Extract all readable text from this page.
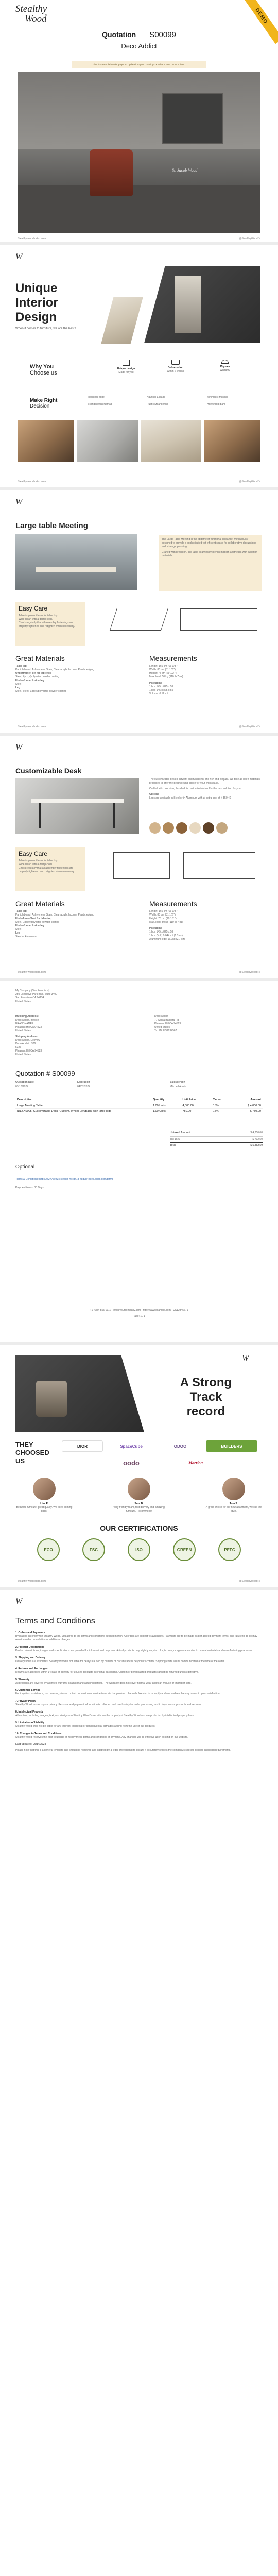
Stealthy
Wood	DEMO
Quotation S00099
Deco Addict
This is a sample header page, so update it to go to: Settings > Sales > PDF quote builder.
St. Jacob Wood
Stealthy-wood.odoo.com	@StealthyWood 𝕏
W
Unique
Interior
Design
When it comes to furniture, we are the best !
Why You
Choose us
Unique design
Made for you
Delivered on
within 2 weeks
15 years
Warranty
Make Right
Decision
Industrial edge	Nautical Escape	Minimalist Musing
Scandinavian Nomad	Rustic Meandering	Hollywood glam
Stealthy-wood.odoo.com	@StealthyWood 𝕏
W
Large table Meeting

The Large Table Meeting is the epitome of functional elegance, meticulously designed to provide a sophisticated yet efficient space for collaborative discussions and strategic planning.

Crafted with precision, this table seamlessly blends modern aesthetics with superior materials.

Easy Care
Table improved/Items for table top
Wipe clean with a damp cloth.
Check regularly that all assembly fastenings are properly tightened and retighten when necessary.
Great Materials
Table top
Particleboard, Ash veneer, Stain, Clear acrylic lacquer, Plastic edging
Underframe/Feet for table top
Steel, Epoxy/polyester powder coating
Under-frame/ Inside leg
Steel
Leg
Steel, Steel, Epoxy/polyester powder coating
Measurements
Length: 160 cm (63 1/8 ")
Width: 80 cm (31 1/2 ")
Height: 75 cm (29 1/2 ")
Max. load: 50 kg (110 lb 7 oz)
Packaging
1 box 145 x 825 x 59
1 box 145 x 825 x 59
Volume: 0.12 m³
Stealthy-wood.odoo.com	@StealthyWood 𝕏
W
Customizable Desk

The customizable desk is artwork and functional and rich and elegant. We take as been materials produced to offer the best working space for your workspace.

Crafted with precision, this desk is customizable to offer the best solution for you.

Options
Legs are available in Steel or in Aluminum with at extra cost of + $50.40
Easy Care
Table improved/Items for table top
Wipe clean with a damp cloth.
Check regularly that all assembly fastenings are properly tightened and retighten when necessary.
Great Materials
Table top
Particleboard, Ash veneer, Stain, Clear acrylic lacquer, Plastic edging
Underframe/Feet for table top
Steel, Epoxy/polyester powder coating
Under-frame/ Inside leg
Steel
Leg
Steel or Aluminum
Measurements
Length: 160 cm (63 1/8 ")
Width: 80 cm (31 1/2 ")
Height: 75 cm (29 1/2 ")
Max. load: 50 kg (110 lb 7 oz)
Packaging
1 box 145 x 825 x 59
1 box (Vol.) 0.044 m³ (1.3 oz)
Aluminum legs: 16.7kg (2.7 oz)
Stealthy-wood.odoo.com	@StealthyWood 𝕏
My Company (San Francisco)
250 Executive Park Blvd, Suite 3400
San Francisco CA 94134
United States
Invoicing Address:
Deco Addict, Invoice
BRANDNAME2
Pleasant Hill CA 94523
United States
Shipping Address:
Deco Addict, Delivery
Deco Addict L326
5326
Pleasant Hill CA 94523
United States
Deco Addict
77 Santa Barbara Rd
Pleasant Hill CA 94523
United States
Tax ID: US1234567
Quotation # S00099
Quotation Date
03/10/2024
Expiration
04/07/2024
Salesperson
Mitchell Admin
Description	Quantity	Unit Price	Taxes	Amount
Large Meeting Table	1.00 Units	4,000.00	15%	$ 4,000.00
[DESK0005] Customizable Desk (Custom, White) Left/Back: with large legs	1.00 Units	750.00	15%	$ 750.00
Untaxed Amount	$ 4,750.00
Tax 15%	$ 712.50
Total	$ 5,462.50
Optional
Terms & Conditions: https://b2776e43c-stealth-mc-d41b-48d7b4e6e5.odoo.com/terms
Payment terms: 30 Days
+1 (650) 555-0111 · info@yourcompany.com · http://www.example.com · US12345671
Page: 1 / 1
W
A Strong
Track
record
THEY
CHOOSED
US
DIOR	SpaceCube	ODOO	BUILDERS
oodo	Marriott
Lisa P.
Beautiful furniture, great quality. We keep coming back!
Sara B.
Very friendly team, fast delivery and amazing furniture. Recommend!
Tom S.
A great choice for our new apartment, we like the style.
OUR CERTIFICATIONS
ECO	FSC	ISO	GREEN	PEFC
Stealthy-wood.odoo.com	@StealthyWood 𝕏
W
Terms and Conditions
1. Orders and Payments
By placing an order with Stealthy Wood, you agree to the terms and conditions outlined herein. All orders are subject to availability. Payments are to be made as per agreed payment terms, and failure to do so may result in order cancellation or additional charges.
2. Product Descriptions
Product descriptions, images and specifications are provided for informational purposes. Actual products may slightly vary in color, texture, or appearance due to natural materials and manufacturing processes.
3. Shipping and Delivery
Delivery times are estimates. Stealthy Wood is not liable for delays caused by carriers or circumstances beyond its control. Shipping costs will be communicated at the time of the order.
4. Returns and Exchanges
Returns are accepted within 14 days of delivery for unused products in original packaging. Custom or personalized products cannot be returned unless defective.
5. Warranty
All products are covered by a limited warranty against manufacturing defects. The warranty does not cover normal wear and tear, misuse or improper care.
6. Customer Service
For inquiries, assistance, or concerns, please contact our customer service team via the provided channels. We aim to promptly address and resolve any issues to your satisfaction.
7. Privacy Policy
Stealthy Wood respects your privacy. Personal and payment information is collected and used solely for order processing and to improve our products and services.
8. Intellectual Property
All content, including images, text, and designs on Stealthy Wood's website are the property of Stealthy Wood and are protected by intellectual property laws.
9. Limitation of Liability
Stealthy Wood shall not be liable for any indirect, incidental or consequential damages arising from the use of our products.
10. Changes to Terms and Conditions
Stealthy Wood reserves the right to update or modify these terms and conditions at any time. Any changes will be effective upon posting on our website.
Last updated: 06/14/2024
Please note that this is a general template and should be reviewed and adapted by a legal professional to ensure it accurately reflects the company's specific policies and legal requirements.
